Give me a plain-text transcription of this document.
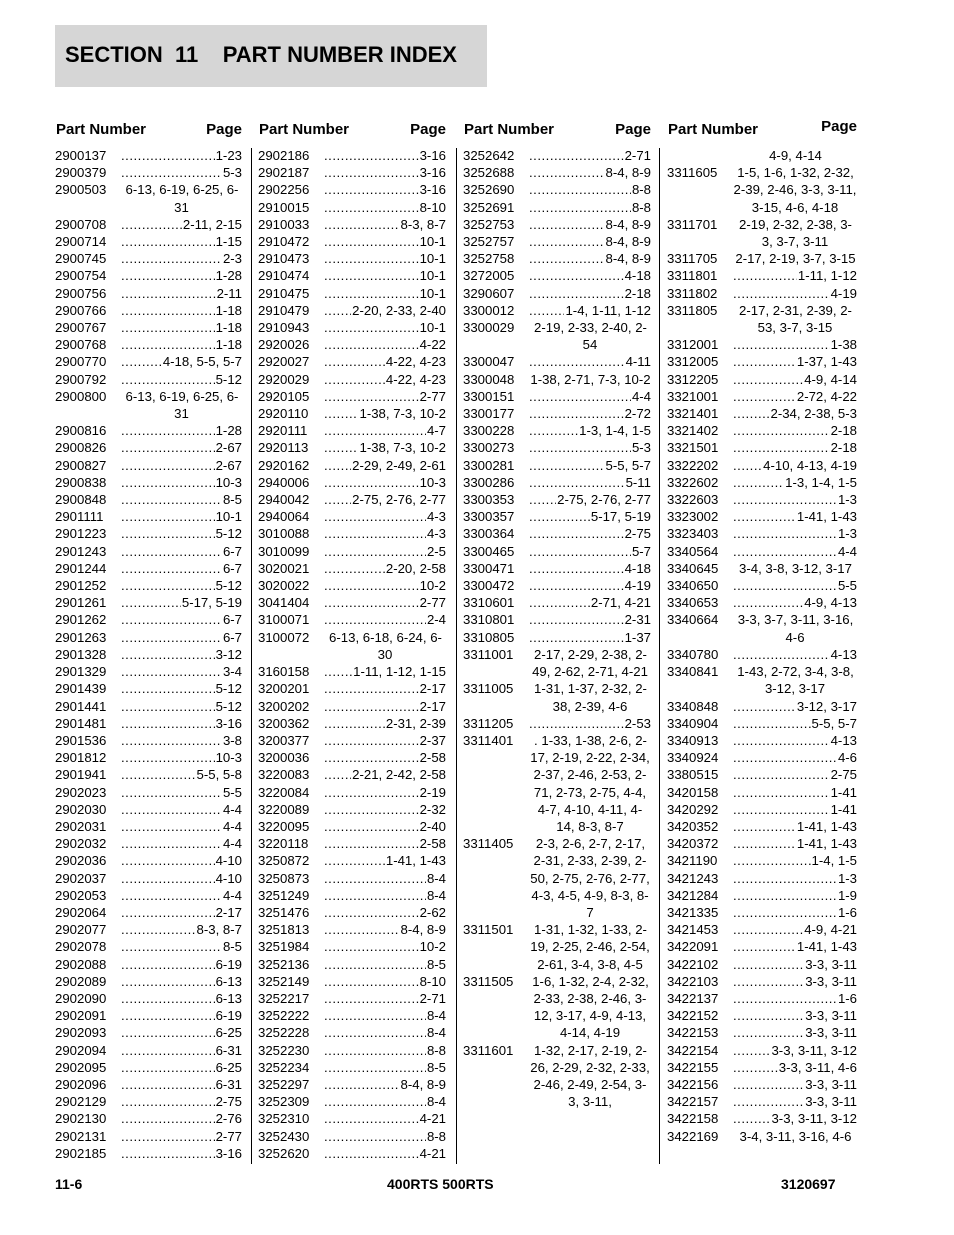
SECTION  11    PART NUMBER INDEX
Part Number	Page
2900137 .....	1-23
2900379 .....	5-3
2900503	6-13, 6-19, 6-25, 6-31
2900708 .....	2-11, 2-15
2900714 .....	1-15
2900745 .....	2-3
2900754 .....	1-28
2900756 .....	2-11
2900766 .....	1-18
2900767 .....	1-18
2900768 .....	1-18
2900770 .....	4-18, 5-5, 5-7
2900792 .....	5-12
2900800	6-13, 6-19, 6-25, 6-31
2900816 .....	1-28
2900826 .....	2-67
2900827 .....	2-67
2900838 .....	10-3
2900848 .....	8-5
2901111 .....	10-1
2901223 .....	5-12
2901243 .....	6-7
2901244 .....	6-7
2901252 .....	5-12
2901261 .....	5-17, 5-19
2901262 .....	6-7
2901263 .....	6-7
2901328 .....	3-12
2901329 .....	3-4
2901439 .....	5-12
2901441 .....	5-12
2901481 .....	3-16
2901536 .....	3-8
2901812 .....	10-3
2901941 .....	5-5, 5-8
2902023 .....	5-5
2902030 .....	4-4
2902031 .....	4-4
2902032 .....	4-4
2902036 .....	4-10
2902037 .....	4-10
2902053 .....	4-4
2902064 .....	2-17
2902077 .....	8-3, 8-7
2902078 .....	8-5
2902088 .....	6-19
2902089 .....	6-13
2902090 .....	6-13
2902091 .....	6-19
2902093 .....	6-25
2902094 .....	6-31
2902095 .....	6-25
2902096 .....	6-31
2902129 .....	2-75
2902130 .....	2-76
2902131 .....	2-77
2902185 .....	3-16
Part Number	Page
2902186 .....	3-16
2902187 .....	3-16
2902256 .....	3-16
2910015 .....	8-10
2910033 .....	8-3, 8-7
2910472 .....	10-1
2910473 .....	10-1
2910474 .....	10-1
2910475 .....	10-1
2910479 .....	2-20, 2-33, 2-40
2910943 .....	10-1
2920026 .....	4-22
2920027 .....	4-22, 4-23
2920029 .....	4-22, 4-23
2920105 .....	2-77
2920110 .....	1-38, 7-3, 10-2
2920111 .....	4-7
2920113 .....	1-38, 7-3, 10-2
2920162 .....	2-29, 2-49, 2-61
2940006 .....	10-3
2940042 .....	2-75, 2-76, 2-77
2940064 .....	4-3
3010088 .....	4-3
3010099 .....	2-5
3020021 .....	2-20, 2-58
3020022 .....	10-2
3041404 .....	2-77
3100071 .....	2-4
3100072	6-13, 6-18, 6-24, 6-30
3160158 .....	1-11, 1-12, 1-15
3200201 .....	2-17
3200202 .....	2-17
3200362 .....	2-31, 2-39
3200377 .....	2-37
3200036 .....	2-58
3220083 .....	2-21, 2-42, 2-58
3220084 .....	2-19
3220089 .....	2-32
3220095 .....	2-40
3220118 .....	2-58
3250872 .....	1-41, 1-43
3250873 .....	8-4
3251249 .....	8-4
3251476 .....	2-62
3251813 .....	8-4, 8-9
3251984 .....	10-2
3252136 .....	8-5
3252149 .....	8-10
3252217 .....	2-71
3252222 .....	8-4
3252228 .....	8-4
3252230 .....	8-8
3252234 .....	8-5
3252297 .....	8-4, 8-9
3252309 .....	8-4
3252310 .....	4-21
3252430 .....	8-8
3252620 .....	4-21
Part Number	Page
3252642 .....	2-71
3252688 .....	8-4, 8-9
3252690 .....	8-8
3252691 .....	8-8
3252753 .....	8-4, 8-9
3252757 .....	8-4, 8-9
3252758 .....	8-4, 8-9
3272005 .....	4-18
3290607 .....	2-18
3300012 .....	1-4, 1-11, 1-12
3300029	2-19, 2-33, 2-40, 2-54
3300047 .....	4-11
3300048	1-38, 2-71, 7-3, 10-2
3300151 .....	4-4
3300177 .....	2-72
3300228 .....	1-3, 1-4, 1-5
3300273 .....	5-3
3300281 .....	5-5, 5-7
3300286 .....	5-11
3300353 .....	2-75, 2-76, 2-77
3300357 .....	5-17, 5-19
3300364 .....	2-75
3300465 .....	5-7
3300471 .....	4-18
3300472 .....	4-19
3310601 .....	2-71, 4-21
3310801 .....	2-31
3310805 .....	1-37
3311001	2-17, 2-29, 2-38, 2-49, 2-62, 2-71, 4-21
3311005	1-31, 1-37, 2-32, 2-38, 2-39, 4-6
3311205 .....	2-53
3311401	. 1-33, 1-38, 2-6, 2-17, 2-19, 2-22, 2-34, 2-37, 2-46, 2-53, 2-71, 2-73, 2-75, 4-4, 4-7, 4-10, 4-11, 4-14, 8-3, 8-7
3311405	2-3, 2-6, 2-7, 2-17, 2-31, 2-33, 2-39, 2-50, 2-75, 2-76, 2-77, 4-3, 4-5, 4-9, 8-3, 8-7
3311501	1-31, 1-32, 1-33, 2-19, 2-25, 2-46, 2-54, 2-61, 3-4, 3-8, 4-5
3311505	1-6, 1-32, 2-4, 2-32, 2-33, 2-38, 2-46, 3-12, 3-17, 4-9, 4-13, 4-14, 4-19
3311601	1-32, 2-17, 2-19, 2-26, 2-29, 2-32, 2-33, 2-46, 2-49, 2-54, 3-3, 3-11,
Part Number	Page
4-9, 4-14
3311605	1-5, 1-6, 1-32, 2-32, 2-39, 2-46, 3-3, 3-11, 3-15, 4-6, 4-18
3311701	2-19, 2-32, 2-38, 3-3, 3-7, 3-11
3311705	2-17, 2-19, 3-7, 3-15
3311801 .....	1-11, 1-12
3311802 .....	4-19
3311805	2-17, 2-31, 2-39, 2-53, 3-7, 3-15
3312001 .....	1-38
3312005 .....	1-37, 1-43
3312205 .....	4-9, 4-14
3321001 .....	2-72, 4-22
3321401 .....	2-34, 2-38, 5-3
3321402 .....	2-18
3321501 .....	2-18
3322202 .....	4-10, 4-13, 4-19
3322602 .....	1-3, 1-4, 1-5
3322603 .....	1-3
3323002 .....	1-41, 1-43
3323403 .....	1-3
3340564 .....	4-4
3340645	3-4, 3-8, 3-12, 3-17
3340650 .....	5-5
3340653 .....	4-9, 4-13
3340664	3-3, 3-7, 3-11, 3-16, 4-6
3340780 .....	4-13
3340841	1-43, 2-72, 3-4, 3-8, 3-12, 3-17
3340848 .....	3-12, 3-17
3340904 .....	5-5, 5-7
3340913 .....	4-13
3340924 .....	4-6
3380515 .....	2-75
3420158 .....	1-41
3420292 .....	1-41
3420352 .....	1-41, 1-43
3420372 .....	1-41, 1-43
3421190 .....	1-4, 1-5
3421243 .....	1-3
3421284 .....	1-9
3421335 .....	1-6
3421453 .....	4-9, 4-21
3422091 .....	1-41, 1-43
3422102 .....	3-3, 3-11
3422103 .....	3-3, 3-11
3422137 .....	1-6
3422152 .....	3-3, 3-11
3422153 .....	3-3, 3-11
3422154 .....	3-3, 3-11, 3-12
3422155 .....	3-3, 3-11, 4-6
3422156 .....	3-3, 3-11
3422157 .....	3-3, 3-11
3422158 .....	3-3, 3-11, 3-12
3422169	3-4, 3-11, 3-16, 4-6
11-6	400RTS 500RTS	3120697
